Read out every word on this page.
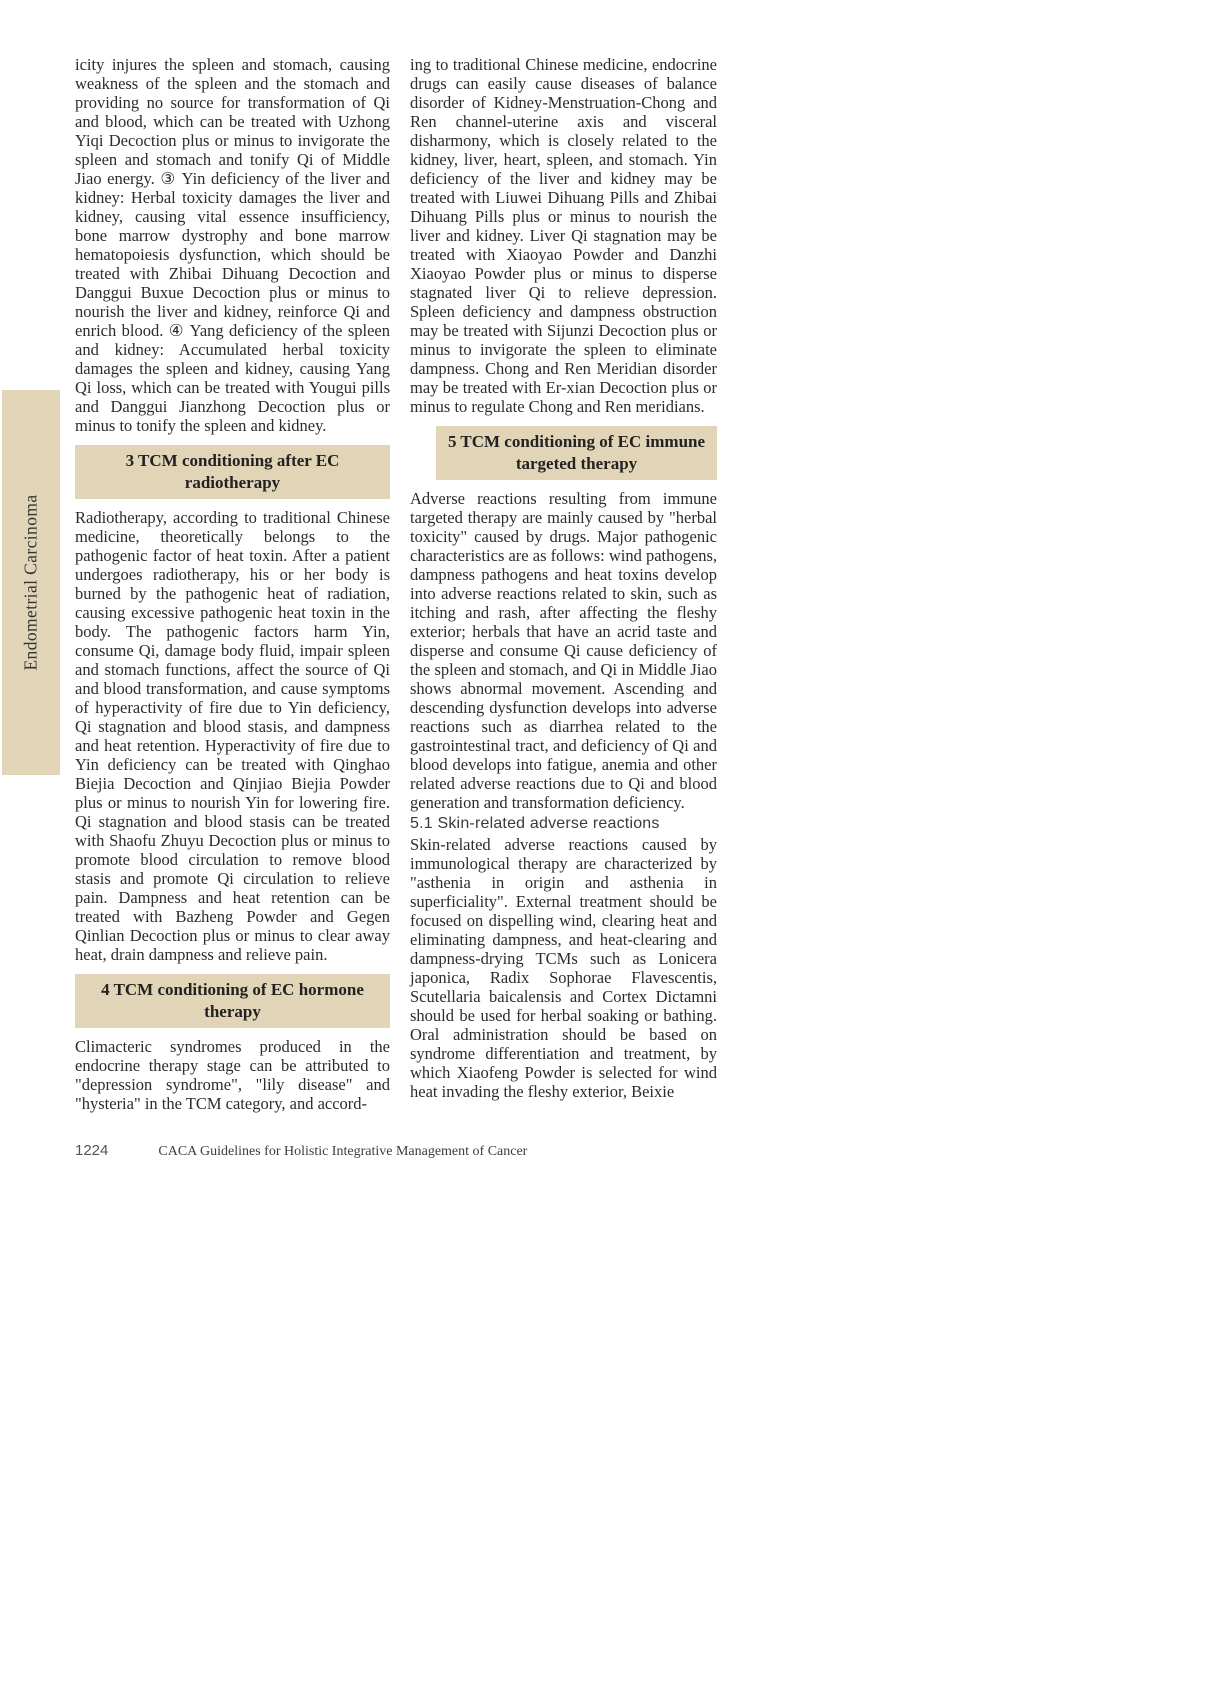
Endometrial Carcinoma

icity injures the spleen and stomach, causing weakness of the spleen and the stomach and providing no source for transformation of Qi and blood, which can be treated with Uzhong Yiqi Decoction plus or minus to invigorate the spleen and stomach and tonify Qi of Middle Jiao energy. ③ Yin deficiency of the liver and kidney: Herbal toxicity damages the liver and kidney, causing vital essence insufficiency, bone marrow dystrophy and bone marrow hematopoiesis dysfunction, which should be treated with Zhibai Dihuang Decoction and Danggui Buxue Decoction plus or minus to nourish the liver and kidney, reinforce Qi and enrich blood. ④ Yang deficiency of the spleen and kidney: Accumulated herbal toxicity damages the spleen and kidney, causing Yang Qi loss, which can be treated with Yougui pills and Danggui Jianzhong Decoction plus or minus to tonify the spleen and kidney.

3 TCM conditioning after EC radiotherapy

Radiotherapy, according to traditional Chinese medicine, theoretically belongs to the pathogenic factor of heat toxin. After a patient undergoes radiotherapy, his or her body is burned by the pathogenic heat of radiation, causing excessive pathogenic heat toxin in the body. The pathogenic factors harm Yin, consume Qi, damage body fluid, impair spleen and stomach functions, affect the source of Qi and blood transformation, and cause symptoms of hyperactivity of fire due to Yin deficiency, Qi stagnation and blood stasis, and dampness and heat retention. Hyperactivity of fire due to Yin deficiency can be treated with Qinghao Biejia Decoction and Qinjiao Biejia Powder plus or minus to nourish Yin for lowering fire. Qi stagnation and blood stasis can be treated with Shaofu Zhuyu Decoction plus or minus to promote blood circulation to remove blood stasis and promote Qi circulation to relieve pain. Dampness and heat retention can be treated with Bazheng Powder and Gegen Qinlian Decoction plus or minus to clear away heat, drain dampness and relieve pain.

4 TCM conditioning of EC hormone therapy

Climacteric syndromes produced in the endocrine therapy stage can be attributed to "depression syndrome", "lily disease" and "hysteria" in the TCM category, and accord-

ing to traditional Chinese medicine, endocrine drugs can easily cause diseases of balance disorder of Kidney-Menstruation-Chong and Ren channel-uterine axis and visceral disharmony, which is closely related to the kidney, liver, heart, spleen, and stomach. Yin deficiency of the liver and kidney may be treated with Liuwei Dihuang Pills and Zhibai Dihuang Pills plus or minus to nourish the liver and kidney. Liver Qi stagnation may be treated with Xiaoyao Powder and Danzhi Xiaoyao Powder plus or minus to disperse stagnated liver Qi to relieve depression. Spleen deficiency and dampness obstruction may be treated with Sijunzi Decoction plus or minus to invigorate the spleen to eliminate dampness. Chong and Ren Meridian disorder may be treated with Er-xian Decoction plus or minus to regulate Chong and Ren meridians.

5 TCM conditioning of EC immune targeted therapy

Adverse reactions resulting from immune targeted therapy are mainly caused by "herbal toxicity" caused by drugs. Major pathogenic characteristics are as follows: wind pathogens, dampness pathogens and heat toxins develop into adverse reactions related to skin, such as itching and rash, after affecting the fleshy exterior; herbals that have an acrid taste and disperse and consume Qi cause deficiency of the spleen and stomach, and Qi in Middle Jiao shows abnormal movement. Ascending and descending dysfunction develops into adverse reactions such as diarrhea related to the gastrointestinal tract, and deficiency of Qi and blood develops into fatigue, anemia and other related adverse reactions due to Qi and blood generation and transformation deficiency.

5.1 Skin-related adverse reactions

Skin-related adverse reactions caused by immunological therapy are characterized by "asthenia in origin and asthenia in superficiality". External treatment should be focused on dispelling wind, clearing heat and eliminating dampness, and heat-clearing and dampness-drying TCMs such as Lonicera japonica, Radix Sophorae Flavescentis, Scutellaria baicalensis and Cortex Dictamni should be used for herbal soaking or bathing. Oral administration should be based on syndrome differentiation and treatment, by which Xiaofeng Powder is selected for wind heat invading the fleshy exterior, Beixie

1224	CACA Guidelines for Holistic Integrative Management of Cancer
